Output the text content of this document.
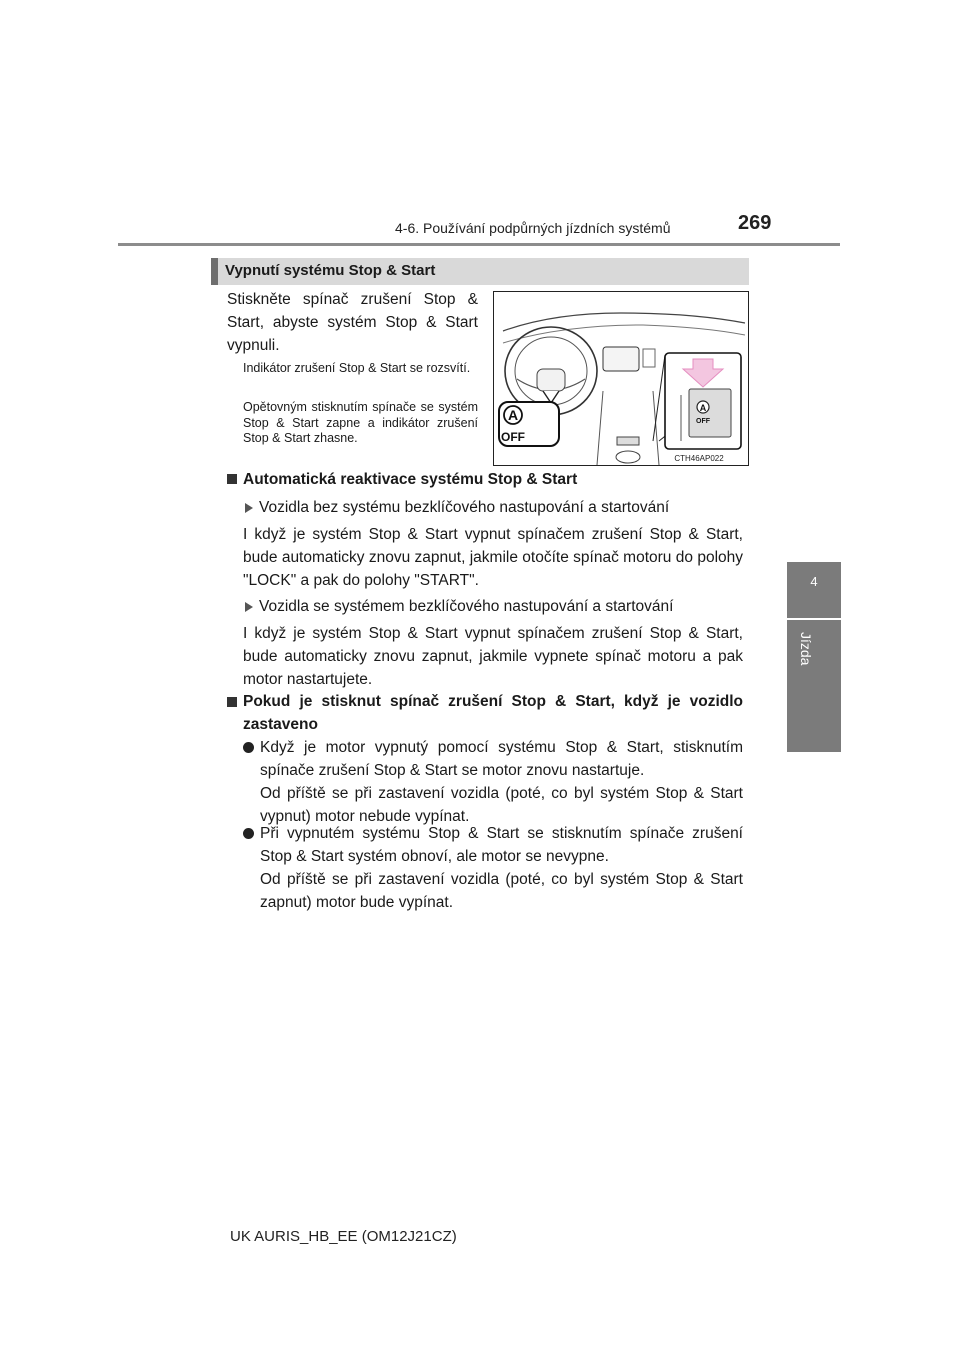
4-6. Používání podpůrných jízdních systémů	269
4
Jízda
Vypnutí systému Stop & Start
Stiskněte spínač zrušení Stop & Start, abyste systém Stop & Start vypnuli.
Indikátor zrušení Stop & Start se rozsvítí.
Opětovným stisknutím spínače se systém Stop & Start zapne a indikátor zrušení Stop & Start zhasne.
A
OFF
A
OFF
CTH46AP022
Automatická reaktivace systému Stop & Start
Vozidla bez systému bezklíčového nastupování a startování
I když je systém Stop & Start vypnut spínačem zrušení Stop & Start, bude automaticky znovu zapnut, jakmile otočíte spínač motoru do polohy "LOCK" a pak do polohy "START".
Vozidla se systémem bezklíčového nastupování a startování
I když je systém Stop & Start vypnut spínačem zrušení Stop & Start, bude automaticky znovu zapnut, jakmile vypnete spínač motoru a pak motor nastartujete.
Pokud je stisknut spínač zrušení Stop & Start, když je vozidlo
zastaveno
Když je motor vypnutý pomocí systému Stop & Start, stisknutím spínače zrušení Stop & Start se motor znovu nastartuje.
Od příště se při zastavení vozidla (poté, co byl systém Stop & Start vypnut) motor nebude vypínat.
Při vypnutém systému Stop & Start se stisknutím spínače zrušení Stop & Start systém obnoví, ale motor se nevypne.
Od příště se při zastavení vozidla (poté, co byl systém Stop & Start zapnut) motor bude vypínat.
UK AURIS_HB_EE (OM12J21CZ)
